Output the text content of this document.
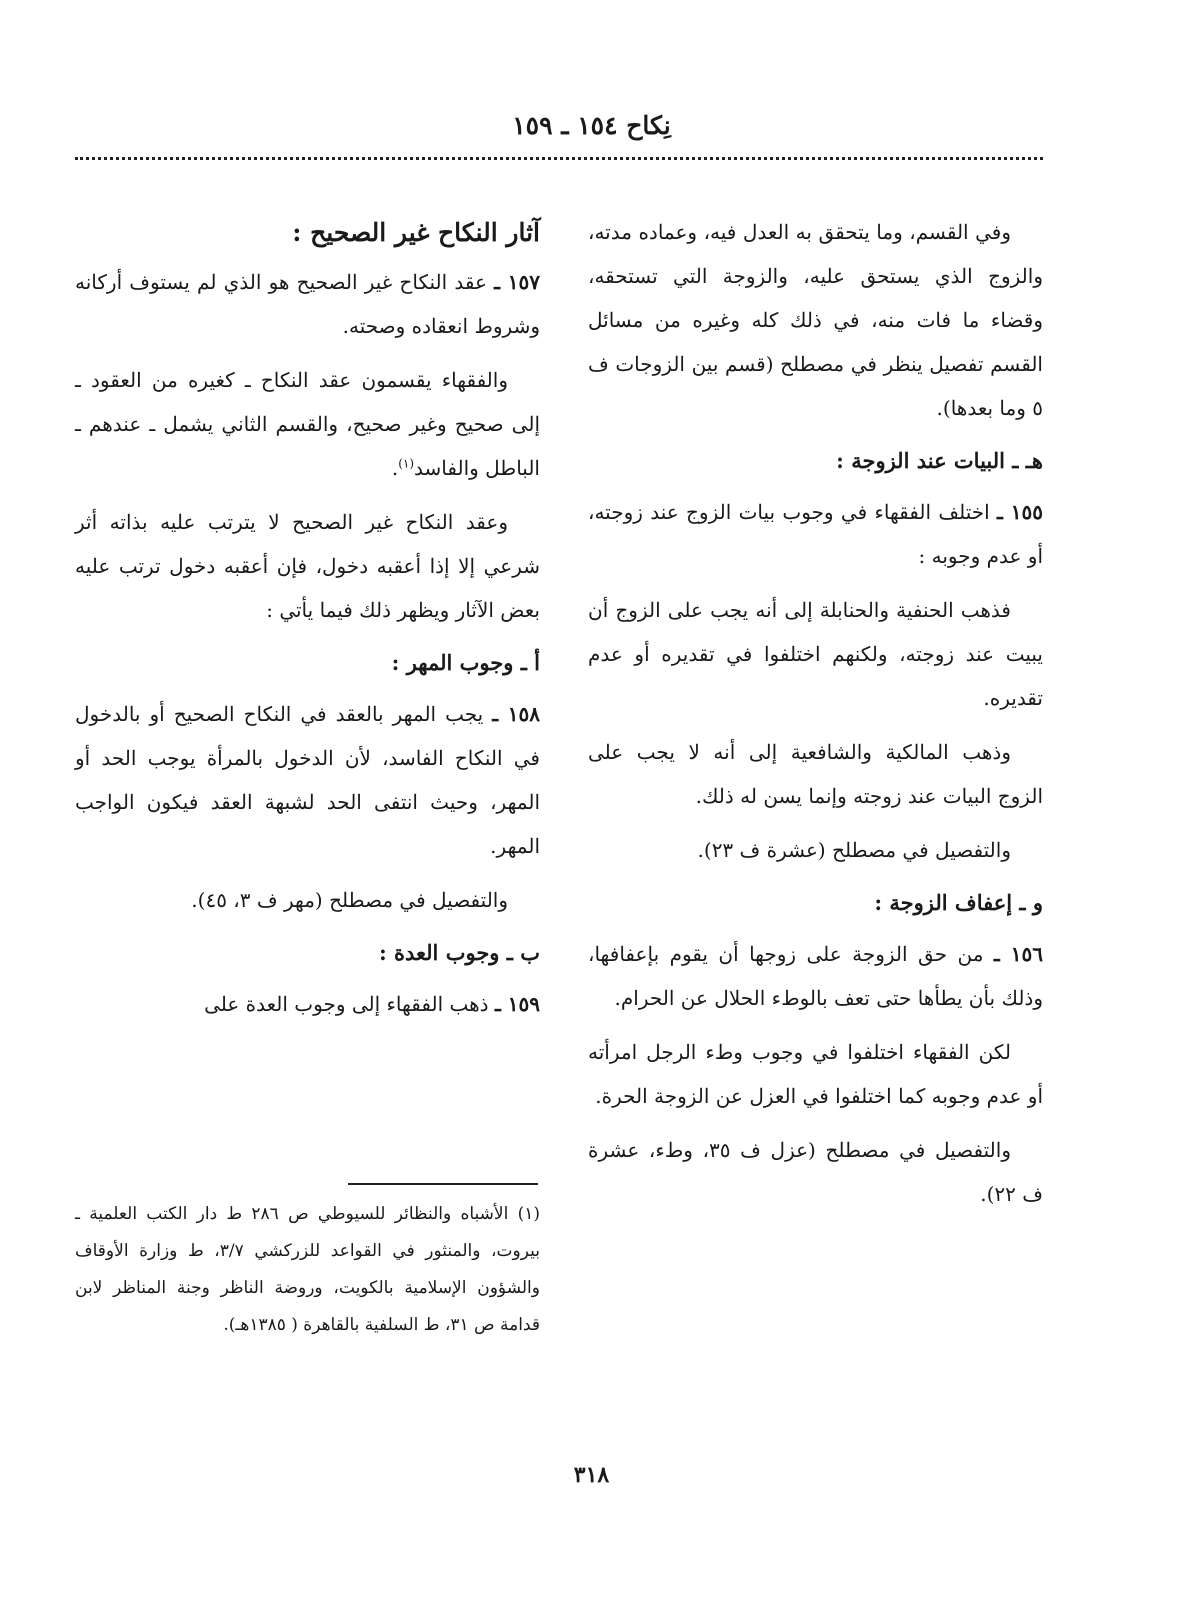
نِكاح ١٥٤ ـ ١٥٩

وفي القسم، وما يتحقق به العدل فيه، وعماده مدته، والزوج الذي يستحق عليه، والزوجة التي تستحقه، وقضاء ما فات منه، في ذلك كله وغيره من مسائل القسم تفصيل ينظر في مصطلح (قسم بين الزوجات ف ٥ وما بعدها).

هـ ـ البيات عند الزوجة :

١٥٥ ـ اختلف الفقهاء في وجوب بيات الزوج عند زوجته، أو عدم وجوبه :

فذهب الحنفية والحنابلة إلى أنه يجب على الزوج أن يبيت عند زوجته، ولكنهم اختلفوا في تقديره أو عدم تقديره.

وذهب المالكية والشافعية إلى أنه لا يجب على الزوج البيات عند زوجته وإنما يسن له ذلك.

والتفصيل في مصطلح (عشرة ف ٢٣).

و ـ إعفاف الزوجة :

١٥٦ ـ من حق الزوجة على زوجها أن يقوم بإعفافها، وذلك بأن يطأها حتى تعف بالوطء الحلال عن الحرام.

لكن الفقهاء اختلفوا في وجوب وطء الرجل امرأته أو عدم وجوبه كما اختلفوا في العزل عن الزوجة الحرة.

والتفصيل في مصطلح (عزل ف ٣٥، وطء، عشرة ف ٢٢).

آثار النكاح غير الصحيح :

١٥٧ ـ عقد النكاح غير الصحيح هو الذي لم يستوف أركانه وشروط انعقاده وصحته.

والفقهاء يقسمون عقد النكاح ـ كغيره من العقود ـ إلى صحيح وغير صحيح، والقسم الثاني يشمل ـ عندهم ـ الباطل والفاسد$^{(١)}$.

وعقد النكاح غير الصحيح لا يترتب عليه بذاته أثر شرعي إلا إذا أعقبه دخول، فإن أعقبه دخول ترتب عليه بعض الآثار ويظهر ذلك فيما يأتي :

أ ـ وجوب المهر :

١٥٨ ـ يجب المهر بالعقد في النكاح الصحيح أو بالدخول في النكاح الفاسد، لأن الدخول بالمرأة يوجب الحد أو المهر، وحيث انتفى الحد لشبهة العقد فيكون الواجب المهر.

والتفصيل في مصطلح (مهر ف ٣، ٤٥).

ب ـ وجوب العدة :

١٥٩ ـ ذهب الفقهاء إلى وجوب العدة على

(١) الأشباه والنظائر للسيوطي ص ٢٨٦ ط دار الكتب العلمية ـ بيروت، والمنثور في القواعد للزركشي ٣/٧، ط وزارة الأوقاف والشؤون الإسلامية بالكويت، وروضة الناظر وجنة المناظر لابن قدامة ص ٣١، ط السلفية بالقاهرة ( ١٣٨٥هـ).

٣١٨
